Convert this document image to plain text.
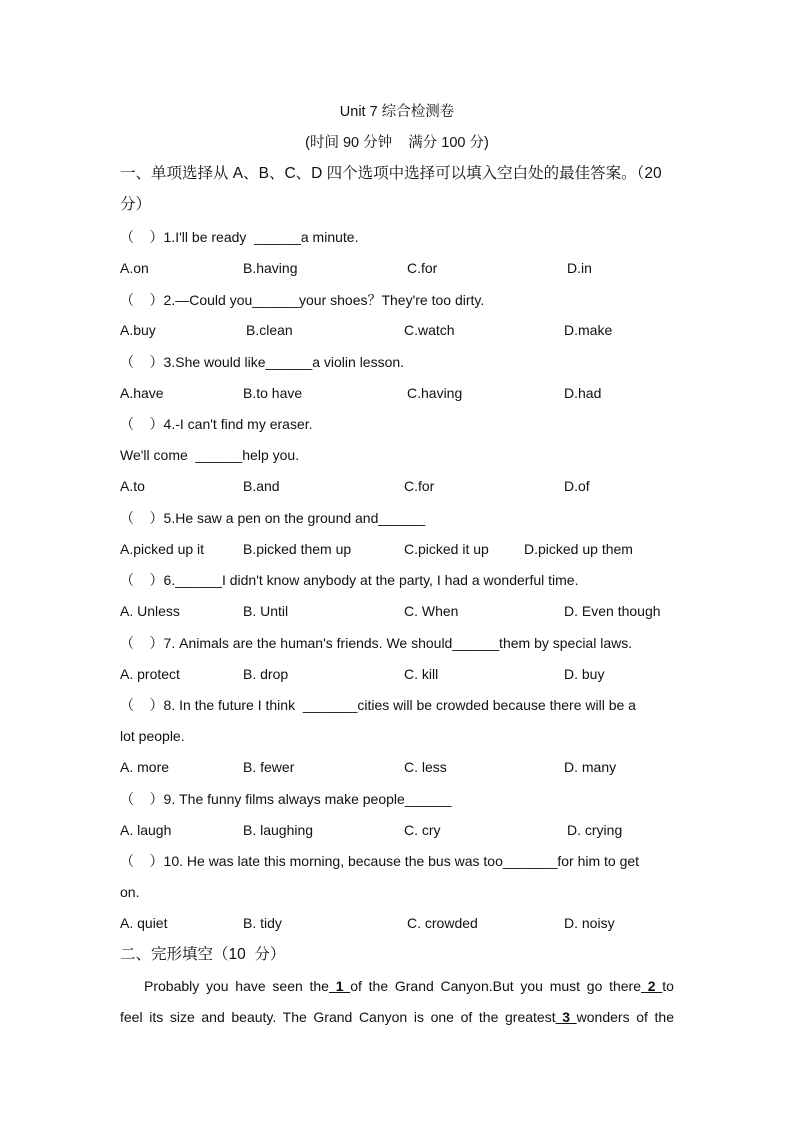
Unit 7 综合检测卷
(时间 90 分钟    满分 100 分)
一、单项选择从 A、B、C、D 四个选项中选择可以填入空白处的最佳答案。（20
分）
（    ）1.I'll be ready  ______a minute.
A.on	B.having	C.for	D.in
（    ）2.—Could you______your shoes？They're too dirty.
A.buy	B.clean	C.watch	D.make
（    ）3.She would like______a violin lesson.
A.have	B.to have	C.having	D.had
（    ）4.-I can't find my eraser.
We'll come  ______help you.
A.to	B.and	C.for	D.of
（    ）5.He saw a pen on the ground and______
A.picked up it	B.picked them up	C.picked it up	D.picked up them
（    ）6.______I didn't know anybody at the party, I had a wonderful time.
A. Unless	B. Until	C. When	D. Even though
（    ）7. Animals are the human's friends. We should______them by special laws.
A. protect	B. drop	C. kill	D. buy
（    ）8. In the future I think  _______cities will be crowded because there will be a
lot people.
A. more	B. fewer	C. less	D. many
（    ）9. The funny films always make people______
A. laugh	B. laughing	C. cry	D. crying
（    ）10. He was late this morning, because the bus was too_______for him to get
on.
A. quiet	B. tidy	C. crowded	D. noisy
二、完形填空（10  分）
Probably you have seen the 1 of the Grand Canyon.But you must go there 2 to
feel its size and beauty. The Grand Canyon is one of the greatest 3 wonders of the
